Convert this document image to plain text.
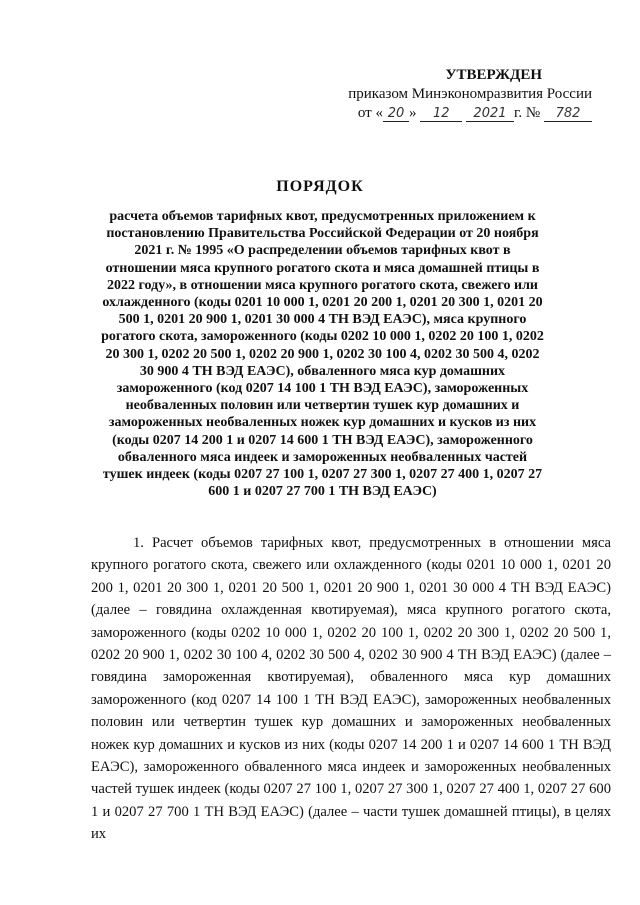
УТВЕРЖДЕН
приказом Минэкономразвития России
от « 20 » 12 2021 г. № 782
ПОРЯДОК
расчета объемов тарифных квот, предусмотренных приложением к постановлению Правительства Российской Федерации от 20 ноября 2021 г. № 1995 «О распределении объемов тарифных квот в отношении мяса крупного рогатого скота и мяса домашней птицы в 2022 году», в отношении мяса крупного рогатого скота, свежего или охлажденного (коды 0201 10 000 1, 0201 20 200 1, 0201 20 300 1, 0201 20 500 1, 0201 20 900 1, 0201 30 000 4 ТН ВЭД ЕАЭС), мяса крупного рогатого скота, замороженного (коды 0202 10 000 1, 0202 20 100 1, 0202 20 300 1, 0202 20 500 1, 0202 20 900 1, 0202 30 100 4, 0202 30 500 4, 0202 30 900 4 ТН ВЭД ЕАЭС), обваленного мяса кур домашних замороженного (код 0207 14 100 1 ТН ВЭД ЕАЭС), замороженных необваленных половин или четвертин тушек кур домашних и замороженных необваленных ножек кур домашних и кусков из них (коды 0207 14 200 1 и 0207 14 600 1 ТН ВЭД ЕАЭС), замороженного обваленного мяса индеек и замороженных необваленных частей тушек индеек (коды 0207 27 100 1, 0207 27 300 1, 0207 27 400 1, 0207 27 600 1 и 0207 27 700 1 ТН ВЭД ЕАЭС)
1. Расчет объемов тарифных квот, предусмотренных в отношении мяса крупного рогатого скота, свежего или охлажденного (коды 0201 10 000 1, 0201 20 200 1, 0201 20 300 1, 0201 20 500 1, 0201 20 900 1, 0201 30 000 4 ТН ВЭД ЕАЭС) (далее – говядина охлажденная квотируемая), мяса крупного рогатого скота, замороженного (коды 0202 10 000 1, 0202 20 100 1, 0202 20 300 1, 0202 20 500 1, 0202 20 900 1, 0202 30 100 4, 0202 30 500 4, 0202 30 900 4 ТН ВЭД ЕАЭС) (далее – говядина замороженная квотируемая), обваленного мяса кур домашних замороженного (код 0207 14 100 1 ТН ВЭД ЕАЭС), замороженных необваленных половин или четвертин тушек кур домашних и замороженных необваленных ножек кур домашних и кусков из них (коды 0207 14 200 1 и 0207 14 600 1 ТН ВЭД ЕАЭС), замороженного обваленного мяса индеек и замороженных необваленных частей тушек индеек (коды 0207 27 100 1, 0207 27 300 1, 0207 27 400 1, 0207 27 600 1 и 0207 27 700 1 ТН ВЭД ЕАЭС) (далее – части тушек домашней птицы), в целях их
